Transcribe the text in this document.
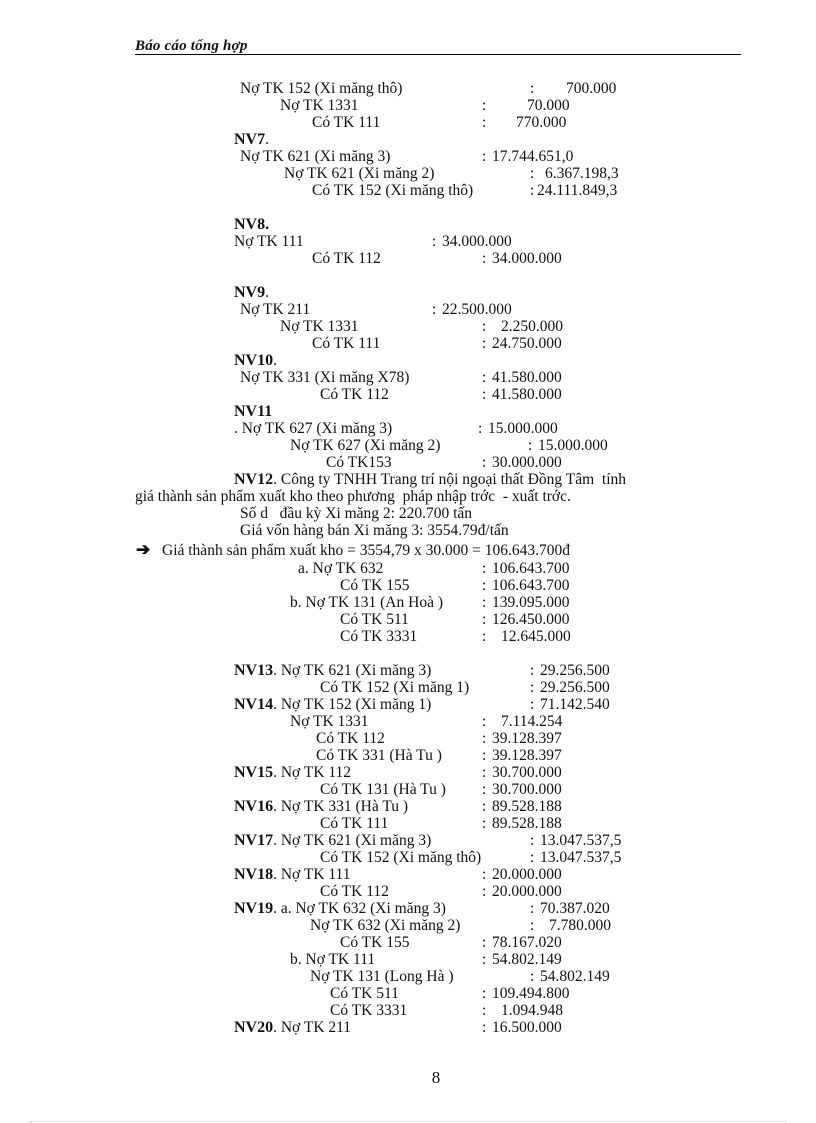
Báo cáo tổng hợp
Nợ TK 152 (Xi măng thô)	: 700.000
Nợ TK 1331	:	70.000
Có TK 111	: 770.000
NV7.
Nợ TK 621 (Xi măng 3)	: 17.744.651,0
Nợ TK 621 (Xi măng 2)	: 6.367.198,3
Có TK 152 (Xi măng thô)	: 24.111.849,3
NV8.
Nợ TK 111	: 34.000.000
Có TK 112	: 34.000.000
NV9.
Nợ TK 211	: 22.500.000
Nợ TK 1331	: 2.250.000
Có TK 111	: 24.750.000
NV10.
Nợ TK 331 (Xi măng X78)	: 41.580.000
Có TK 112	: 41.580.000
NV11
. Nợ TK 627 (Xi măng 3)	: 15.000.000
Nợ TK 627 (Xi măng 2)	: 15.000.000
Có TK153	: 30.000.000
NV12. Công ty TNHH Trang trí nội ngoại thất Đồng Tâm  tính
giá thành sản phẩm xuất kho theo phương  pháp nhập trớc  - xuất trớc.
Số d   đầu kỳ Xi măng 2: 220.700 tấn
Giá vốn hàng bán Xi măng 3: 3554.79đ/tấn
➔ Giá thành sản phẩm xuất kho = 3554,79 x 30.000 = 106.643.700đ
a. Nợ TK 632	: 106.643.700
Có TK 155	: 106.643.700
b. Nợ TK 131 (An Hoà )	: 139.095.000
Có TK 511	: 126.450.000
Có TK 3331	: 12.645.000
NV13. Nợ TK 621 (Xi măng 3)	: 29.256.500
Có TK 152 (Xi măng 1)	: 29.256.500
NV14. Nợ TK 152 (Xi măng 1)	: 71.142.540
Nợ TK 1331	: 7.114.254
Có TK 112	: 39.128.397
Có TK 331 (Hà Tu )	: 39.128.397
NV15. Nợ TK 112	: 30.700.000
Có TK 131 (Hà Tu ) : 30.700.000
NV16. Nợ TK 331 (Hà Tu )	: 89.528.188
Có TK 111	: 89.528.188
NV17. Nợ TK 621 (Xi măng 3)	: 13.047.537,5
Có TK 152 (Xi măng thô)	: 13.047.537,5
NV18. Nợ TK 111	: 20.000.000
Có TK 112	: 20.000.000
NV19. a. Nợ TK 632 (Xi măng 3)	: 70.387.020
Nợ TK 632 (Xi măng 2)	: 7.780.000
Có TK 155	: 78.167.020
b. Nợ TK 111	: 54.802.149
Nợ TK 131 (Long Hà )	: 54.802.149
Có TK 511	: 109.494.800
Có TK 3331	: 1.094.948
NV20. Nợ TK 211	: 16.500.000
8
